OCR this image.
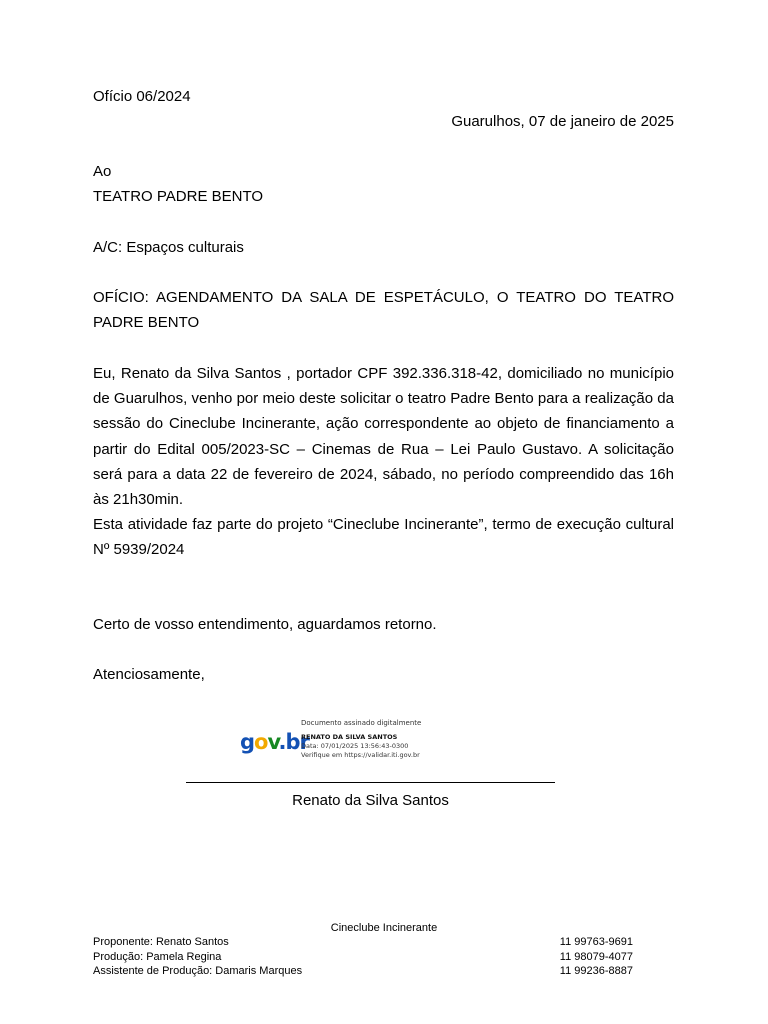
Ofício 06/2024
Guarulhos, 07 de janeiro de 2025
Ao
TEATRO PADRE BENTO
A/C: Espaços culturais

OFÍCIO: AGENDAMENTO DA SALA DE ESPETÁCULO, O TEATRO DO TEATRO PADRE BENTO

Eu, Renato da Silva Santos , portador CPF 392.336.318-42, domiciliado no município de Guarulhos, venho por meio deste solicitar o teatro Padre Bento para a realização da sessão do Cineclube Incinerante, ação correspondente ao objeto de financiamento a partir do Edital 005/2023-SC – Cinemas de Rua – Lei Paulo Gustavo. A solicitação será para a data 22 de fevereiro de 2024, sábado, no período compreendido das 16h às 21h30min.

Esta atividade faz parte do projeto “Cineclube Incinerante”, termo de execução cultural Nº 5939/2024

Certo de vosso entendimento, aguardamos retorno.
Atenciosamente,
gov.br
Documento assinado digitalmente
RENATO DA SILVA SANTOS
Data: 07/01/2025 13:56:43-0300
Verifique em https://validar.iti.gov.br
Renato da Silva Santos
Cineclube Incinerante
Proponente: Renato Santos	11 99763-9691
Produção: Pamela Regina	11 98079-4077
Assistente de Produção: Damaris Marques	11 99236-8887
